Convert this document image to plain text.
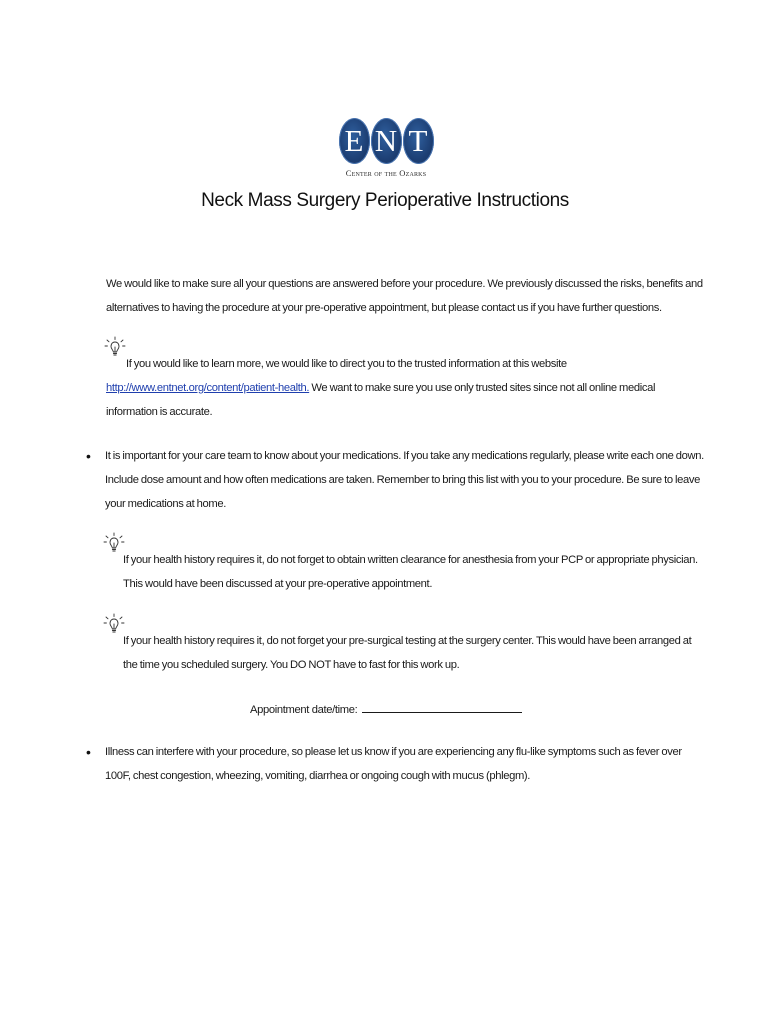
E N T
Center of the Ozarks
Neck Mass Surgery Perioperative Instructions
We would like to make sure all your questions are answered before your procedure. We previously discussed the risks, benefits and alternatives to having the procedure at your pre-operative appointment, but please contact us if you have further questions.
If you would like to learn more, we would like to direct you to the trusted information at this website
http://www.entnet.org/content/patient-health. We want to make sure you use only trusted sites since not all online medical information is accurate.
• It is important for your care team to know about your medications. If you take any medications regularly, please write each one down. Include dose amount and how often medications are taken. Remember to bring this list with you to your procedure. Be sure to leave your medications at home.
If your health history requires it, do not forget to obtain written clearance for anesthesia from your PCP or appropriate physician. This would have been discussed at your pre-operative appointment.
If your health history requires it, do not forget your pre-surgical testing at the surgery center. This would have been arranged at the time you scheduled surgery. You DO NOT have to fast for this work up.
Appointment date/time:
• Illness can interfere with your procedure, so please let us know if you are experiencing any flu-like symptoms such as fever over 100F, chest congestion, wheezing, vomiting, diarrhea or ongoing cough with mucus (phlegm).
